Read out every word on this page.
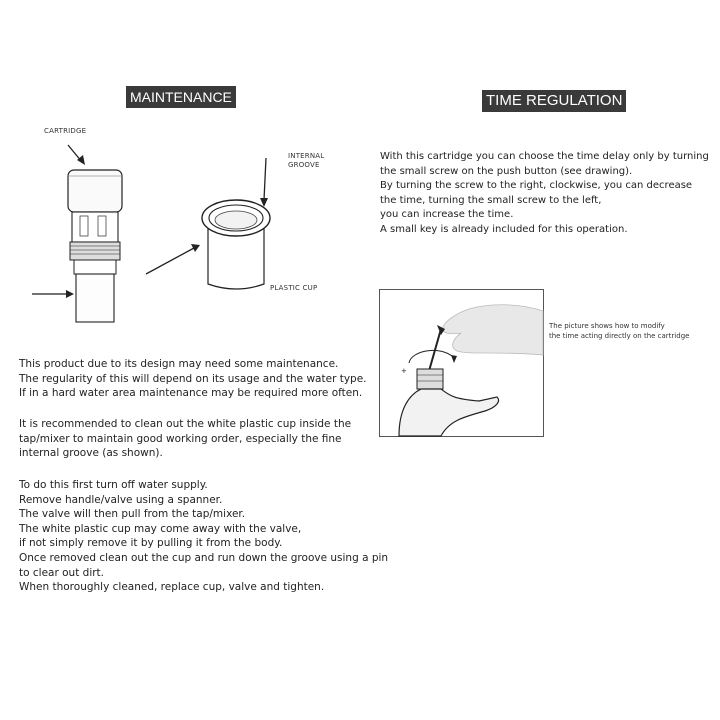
MAINTENANCE
CARTRIDGE
INTERNAL
GROOVE
PLASTIC CUP
This product due to its design may need some maintenance.
The regularity of this will depend on its usage and the water type.
If in a hard water area maintenance may be required more often.
It is recommended to clean out the white plastic cup inside the
tap/mixer to maintain good working order, especially the fine
internal groove (as shown).
To do this first turn off water supply.
Remove handle/valve using a spanner.
The valve will then pull from the tap/mixer.
The white plastic cup may come away with the valve,
if not simply remove it by pulling it from the body.
Once removed clean out the cup and run down the groove using a pin
to clear out dirt.
When thoroughly cleaned, replace cup, valve and tighten.
TIME REGULATION
With this cartridge you can choose the time delay only by turning
the small screw on the push button (see drawing).
By turning the screw to the right, clockwise, you can decrease
the time, turning the small screw to the left,
you can increase the time.
A small key is already included for this operation.
+
The picture shows how to modify
the time acting directly on the cartridge
